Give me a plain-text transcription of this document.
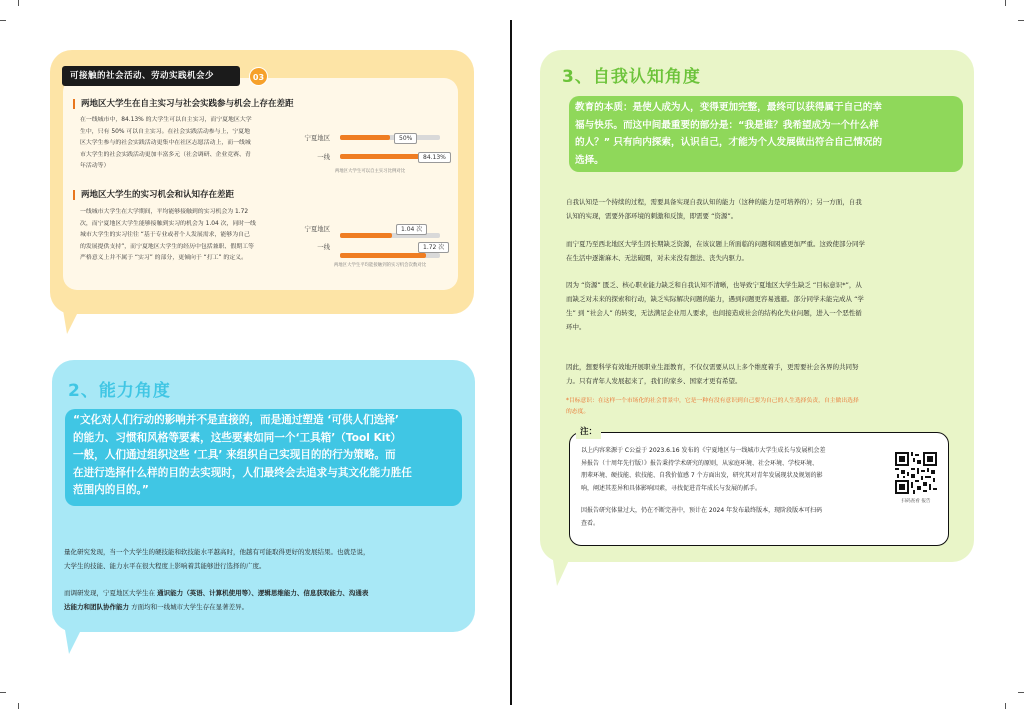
可接触的社会活动、劳动实践机会少	03
两地区大学生在自主实习与社会实践参与机会上存在差距
在一线城市中，84.13% 的大学生可以自主实习，而宁夏地区大学
生中，只有 50% 可以自主实习。在社会实践活动参与上，宁夏地
区大学生参与的社会实践活动更集中在社区志愿活动上，而一线城
市大学生的社会实践活动更加丰富多元（社会调研、企业竞赛、青
年活动等）
宁夏地区	50%
一线	84.13%
两地区大学生可以自主实习比例对比
两地区大学生的实习机会和认知存在差距
一线城市大学生在大学期间，平均能够接触到的实习机会为 1.72
次，而宁夏地区大学生能够接触到实习的机会为 1.04 次，同时一线
城市大学生的实习往往 “基于专业或者个人发展需求，能够为自己
的发展提供支持”，而宁夏地区大学生的经历中包括兼职、假期工等
严格意义上并不属于 “实习” 的部分，更倾向于 “打工” 的定义。
宁夏地区	1.04 次
一线	1.72 次
两地区大学生平均能接触到的实习机会次数对比
2、能力角度
“文化对人们行动的影响并不是直接的，而是通过塑造 ‘可供人们选择’
的能力、习惯和风格等要素，这些要素如同一个‘工具箱’（Tool Kit）
一般，人们通过组织这些 ‘工具’ 来组织自己实现目的的行为策略。而
在进行选择什么样的目的去实现时，人们最终会去追求与其文化能力胜任
范围内的目的。”
量化研究发现，当一个大学生的硬技能和软技能水平越高时，他越有可能取得更好的发展结果。也就是说，
大学生的技能、能力水平在很大程度上影响着其能够进行选择的广度。
而调研发现，宁夏地区大学生在 通识能力（英语、计算机使用等）、逻辑思维能力、信息获取能力、沟通表
达能力和团队协作能力 方面均和一线城市大学生存在显著差异。
3、自我认知角度
教育的本质：是使人成为人，变得更加完整，最终可以获得属于自己的幸
福与快乐。而这中间最重要的部分是：“我是谁？我希望成为一个什么样
的人？” 只有向内探索，认识自己，才能为个人发展做出符合自己情况的
选择。
自我认知是一个持续的过程，需要具备实现自我认知的能力（这种的能力是可培养的）；另一方面，自我
认知的实现，需要外部环境的刺激和反馈，即需要 “资源”。
而宁夏乃至西北地区大学生因长期缺乏资源，在该议题上所面临的问题和困感更加严重。这致使部分同学
在生活中逐渐麻木、无法破圈，对未来没有想法、丧失内驱力。
因为 “资源” 匮乏、核心职业能力缺乏和自我认知不清晰，也导致宁夏地区大学生缺乏 “目标意识*”，从
而缺乏对未来的探索和行动，缺乏实际解决问题的能力，遇到问题更容易逃避。部分同学未能完成从 “学
生” 到 “社会人” 的转变，无法满足企业用人要求，也间接造成社会的结构化失业问题，进入一个恶性循
环中。
因此，想要科学有效地开展职业生涯教育，不仅仅需要从以上多个维度着手，更需要社会各界的共同努
力。只有青年人发展起来了，我们的家乡、国家才更有希望。
*目标意识：在这样一个市场化的社会背景中，它是一种有没有意识到自己要为自己的人生选择负责，自主做出选择
的态度。
注：
以上内容来源于 C公益于 2023.6.16 发布的《宁夏地区与一线城市大学生成长与发展机会差
异报告（十周年先行版）》报告秉持学术研究的原则，从家庭环境、社会环境、学校环境、
朋辈环境、硬技能、软技能、自我价值感 7 个方面出发，研究其对青年发展现状及规划的影
响，阐述其差异和具体影响因素，寻找促进青年成长与发展的抓手。
因报告研究体量过大，仍在不断完善中，预计在 2024 年发布最终版本，现阶段版本可扫码
查看。
扫码查看 报告
